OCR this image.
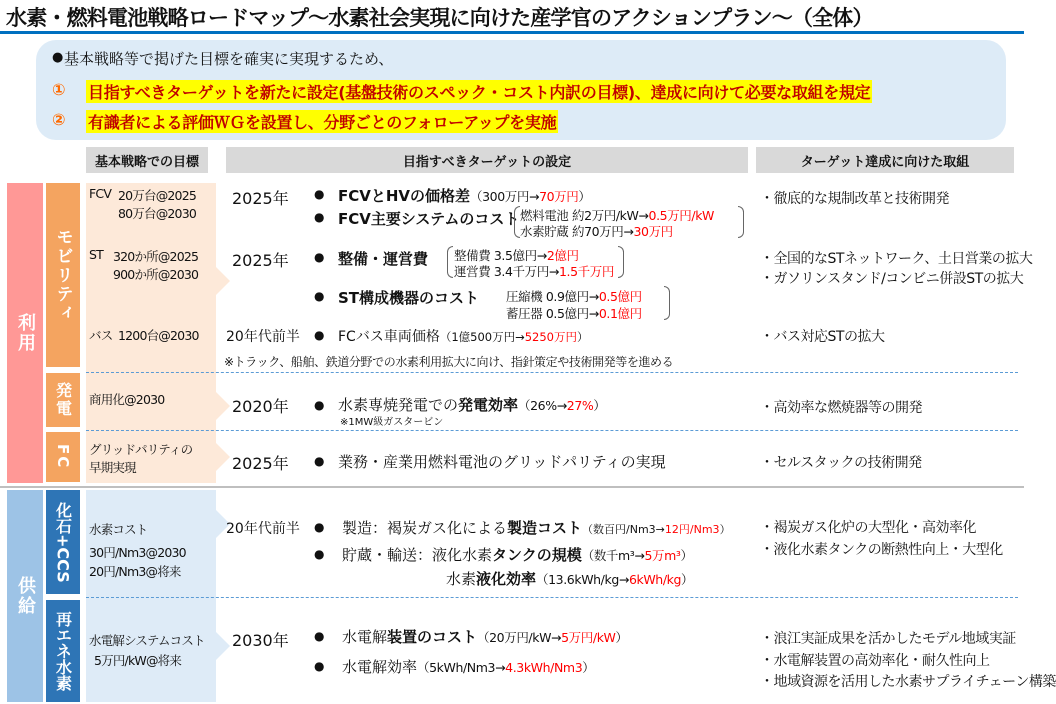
水素・燃料電池戦略ロードマップ～水素社会実現に向けた産学官のアクションプラン～（全体）
● 基本戦略等で掲げた目標を確実に実現するため、
① 目指すべきターゲットを新たに設定(基盤技術のスペック・コスト内訳の目標)、達成に向けて必要な取組を規定
② 有識者による評価ＷＧを設置し、分野ごとのフォローアップを実施
基本戦略での目標	目指すべきターゲットの設定	ターゲット達成に向けた取組
利用
供給
モビリティ
発電
FC
化石+CCS
再エネ水素
FCV 20万台@2025
80万台@2030
ST 320か所@2025
900か所@2030
バス 1200台@2030
商用化@2030
グリッドパリティの
早期実現
水素コスト
30円/Nm3@2030
20円/Nm3@将来
水電解システムコスト
5万円/kW@将来
2025年
2025年
20年代前半
2020年
2025年
20年代前半
2030年
● FCVとHVの価格差（300万円→70万円）
● FCV主要システムのコスト 燃料電池 約2万円/kW→0.5万円/kW
水素貯蔵 約70万円→30万円
● 整備・運営費 整備費 3.5億円→2億円
運営費 3.4千万円→1.5千万円
● ST構成機器のコスト 圧縮機 0.9億円→0.5億円
蓄圧器 0.5億円→0.1億円
● FCバス車両価格（1億500万円→5250万円）
※トラック、船舶、鉄道分野での水素利用拡大に向け、指針策定や技術開発等を進める
● 水素専焼発電での発電効率（26%→27%）
※1MW級ガスタービン
● 業務・産業用燃料電池のグリッドパリティの実現
● 製造：褐炭ガス化による製造コスト（数百円/Nm3→12円/Nm3）
● 貯蔵・輸送：液化水素タンクの規模（数千m³→5万m³）
水素液化効率（13.6kWh/kg→6kWh/kg）
● 水電解装置のコスト（20万円/kW→5万円/kW）
● 水電解効率（5kWh/Nm3→4.3kWh/Nm3）
・徹底的な規制改革と技術開発
・全国的なSTネットワーク、土日営業の拡大
・ガソリンスタンド/コンビニ併設STの拡大
・バス対応STの拡大
・高効率な燃焼器等の開発
・セルスタックの技術開発
・褐炭ガス化炉の大型化・高効率化
・液化水素タンクの断熱性向上・大型化
・浪江実証成果を活かしたモデル地域実証
・水電解装置の高効率化・耐久性向上
・地域資源を活用した水素サプライチェーン構築
